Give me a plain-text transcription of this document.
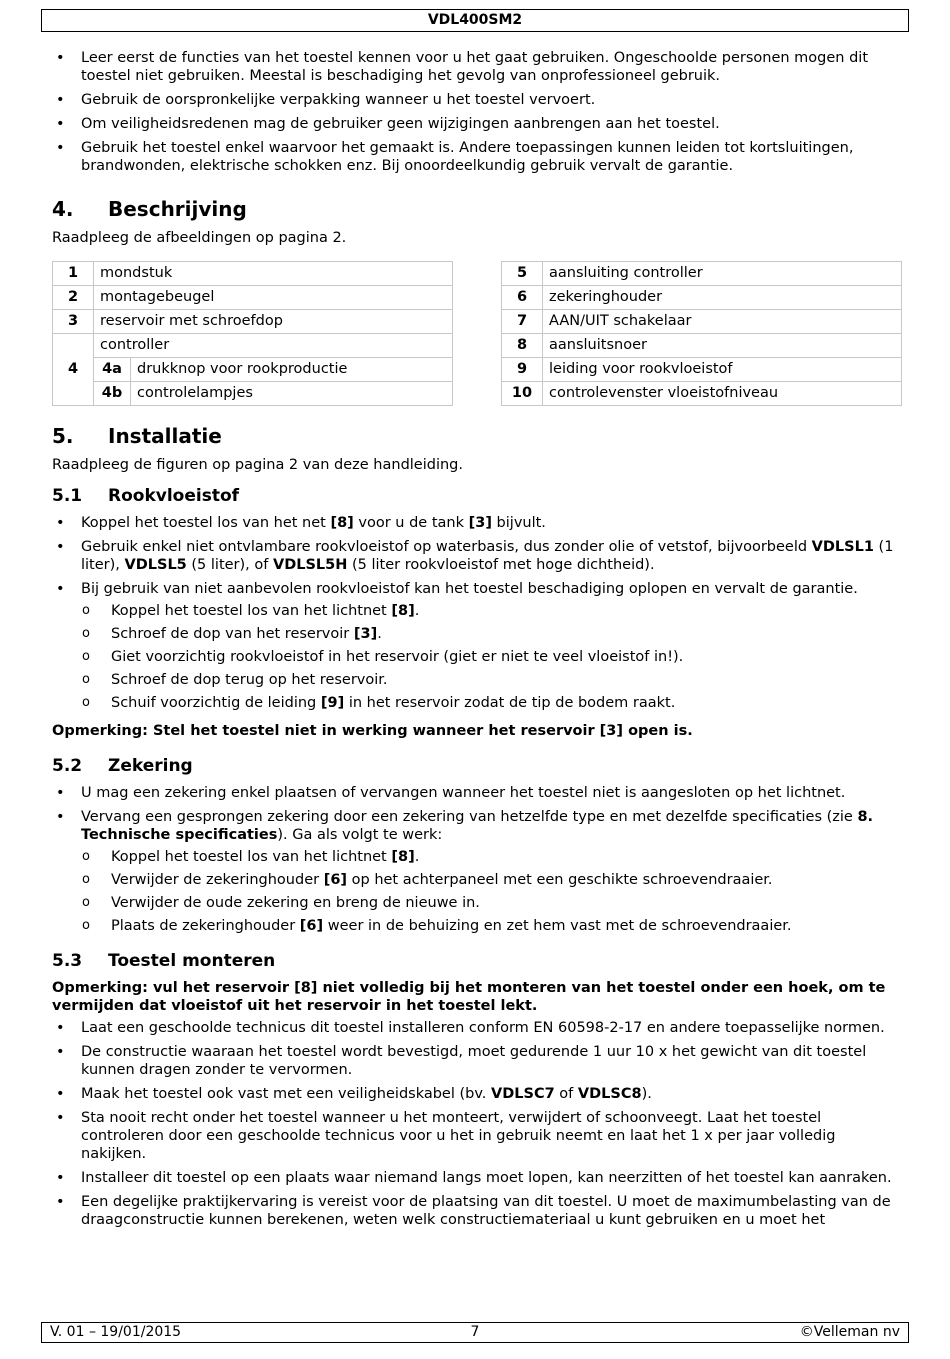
VDL400SM2
• Leer eerst de functies van het toestel kennen voor u het gaat gebruiken. Ongeschoolde personen mogen dit toestel niet gebruiken. Meestal is beschadiging het gevolg van onprofessioneel gebruik.
• Gebruik de oorspronkelijke verpakking wanneer u het toestel vervoert.
• Om veiligheidsredenen mag de gebruiker geen wijzigingen aanbrengen aan het toestel.
• Gebruik het toestel enkel waarvoor het gemaakt is. Andere toepassingen kunnen leiden tot kortsluitingen, brandwonden, elektrische schokken enz. Bij onoordeelkundig gebruik vervalt de garantie.
4. Beschrijving

Raadpleeg de afbeeldingen op pagina 2.

1	mondstuk	
2	montagebeugel	
3	reservoir met schroefdop	
4	controller	
	4a	drukknop voor rookproductie
	4b	controlelampjes
5	aansluiting controller
6	zekeringhouder
7	AAN/UIT schakelaar
8	aansluitsnoer
9	leiding voor rookvloeistof
10	controlevenster vloeistofniveau
5. Installatie

Raadpleeg de figuren op pagina 2 van deze handleiding.

5.1 Rookvloeistof
• Koppel het toestel los van het net [8] voor u de tank [3] bijvult.
• Gebruik enkel niet ontvlambare rookvloeistof op waterbasis, dus zonder olie of vetstof, bijvoorbeeld VDLSL1 (1 liter), VDLSL5 (5 liter), of VDLSL5H (5 liter rookvloeistof met hoge dichtheid).
• Bij gebruik van niet aanbevolen rookvloeistof kan het toestel beschadiging oplopen en vervalt de garantie.
o Koppel het toestel los van het lichtnet [8].
o Schroef de dop van het reservoir [3].
o Giet voorzichtig rookvloeistof in het reservoir (giet er niet te veel vloeistof in!).
o Schroef de dop terug op het reservoir.
o Schuif voorzichtig de leiding [9] in het reservoir zodat de tip de bodem raakt.

Opmerking: Stel het toestel niet in werking wanneer het reservoir [3] open is.

5.2 Zekering
• U mag een zekering enkel plaatsen of vervangen wanneer het toestel niet is aangesloten op het lichtnet.
• Vervang een gesprongen zekering door een zekering van hetzelfde type en met dezelfde specificaties (zie 8. Technische specificaties). Ga als volgt te werk:
o Koppel het toestel los van het lichtnet [8].
o Verwijder de zekeringhouder [6] op het achterpaneel met een geschikte schroevendraaier.
o Verwijder de oude zekering en breng de nieuwe in.
o Plaats de zekeringhouder [6] weer in de behuizing en zet hem vast met de schroevendraaier.
5.3 Toestel monteren

Opmerking: vul het reservoir [8] niet volledig bij het monteren van het toestel onder een hoek, om te vermijden dat vloeistof uit het reservoir in het toestel lekt.

• Laat een geschoolde technicus dit toestel installeren conform EN 60598-2-17 en andere toepasselijke normen.
• De constructie waaraan het toestel wordt bevestigd, moet gedurende 1 uur 10 x het gewicht van dit toestel kunnen dragen zonder te vervormen.
• Maak het toestel ook vast met een veiligheidskabel (bv. VDLSC7 of VDLSC8).
• Sta nooit recht onder het toestel wanneer u het monteert, verwijdert of schoonveegt. Laat het toestel controleren door een geschoolde technicus voor u het in gebruik neemt en laat het 1 x per jaar volledig nakijken.
• Installeer dit toestel op een plaats waar niemand langs moet lopen, kan neerzitten of het toestel kan aanraken.
• Een degelijke praktijkervaring is vereist voor de plaatsing van dit toestel. U moet de maximumbelasting van de draagconstructie kunnen berekenen, weten welk constructiemateriaal u kunt gebruiken en u moet het
V. 01 – 19/01/2015	7	©Velleman nv
